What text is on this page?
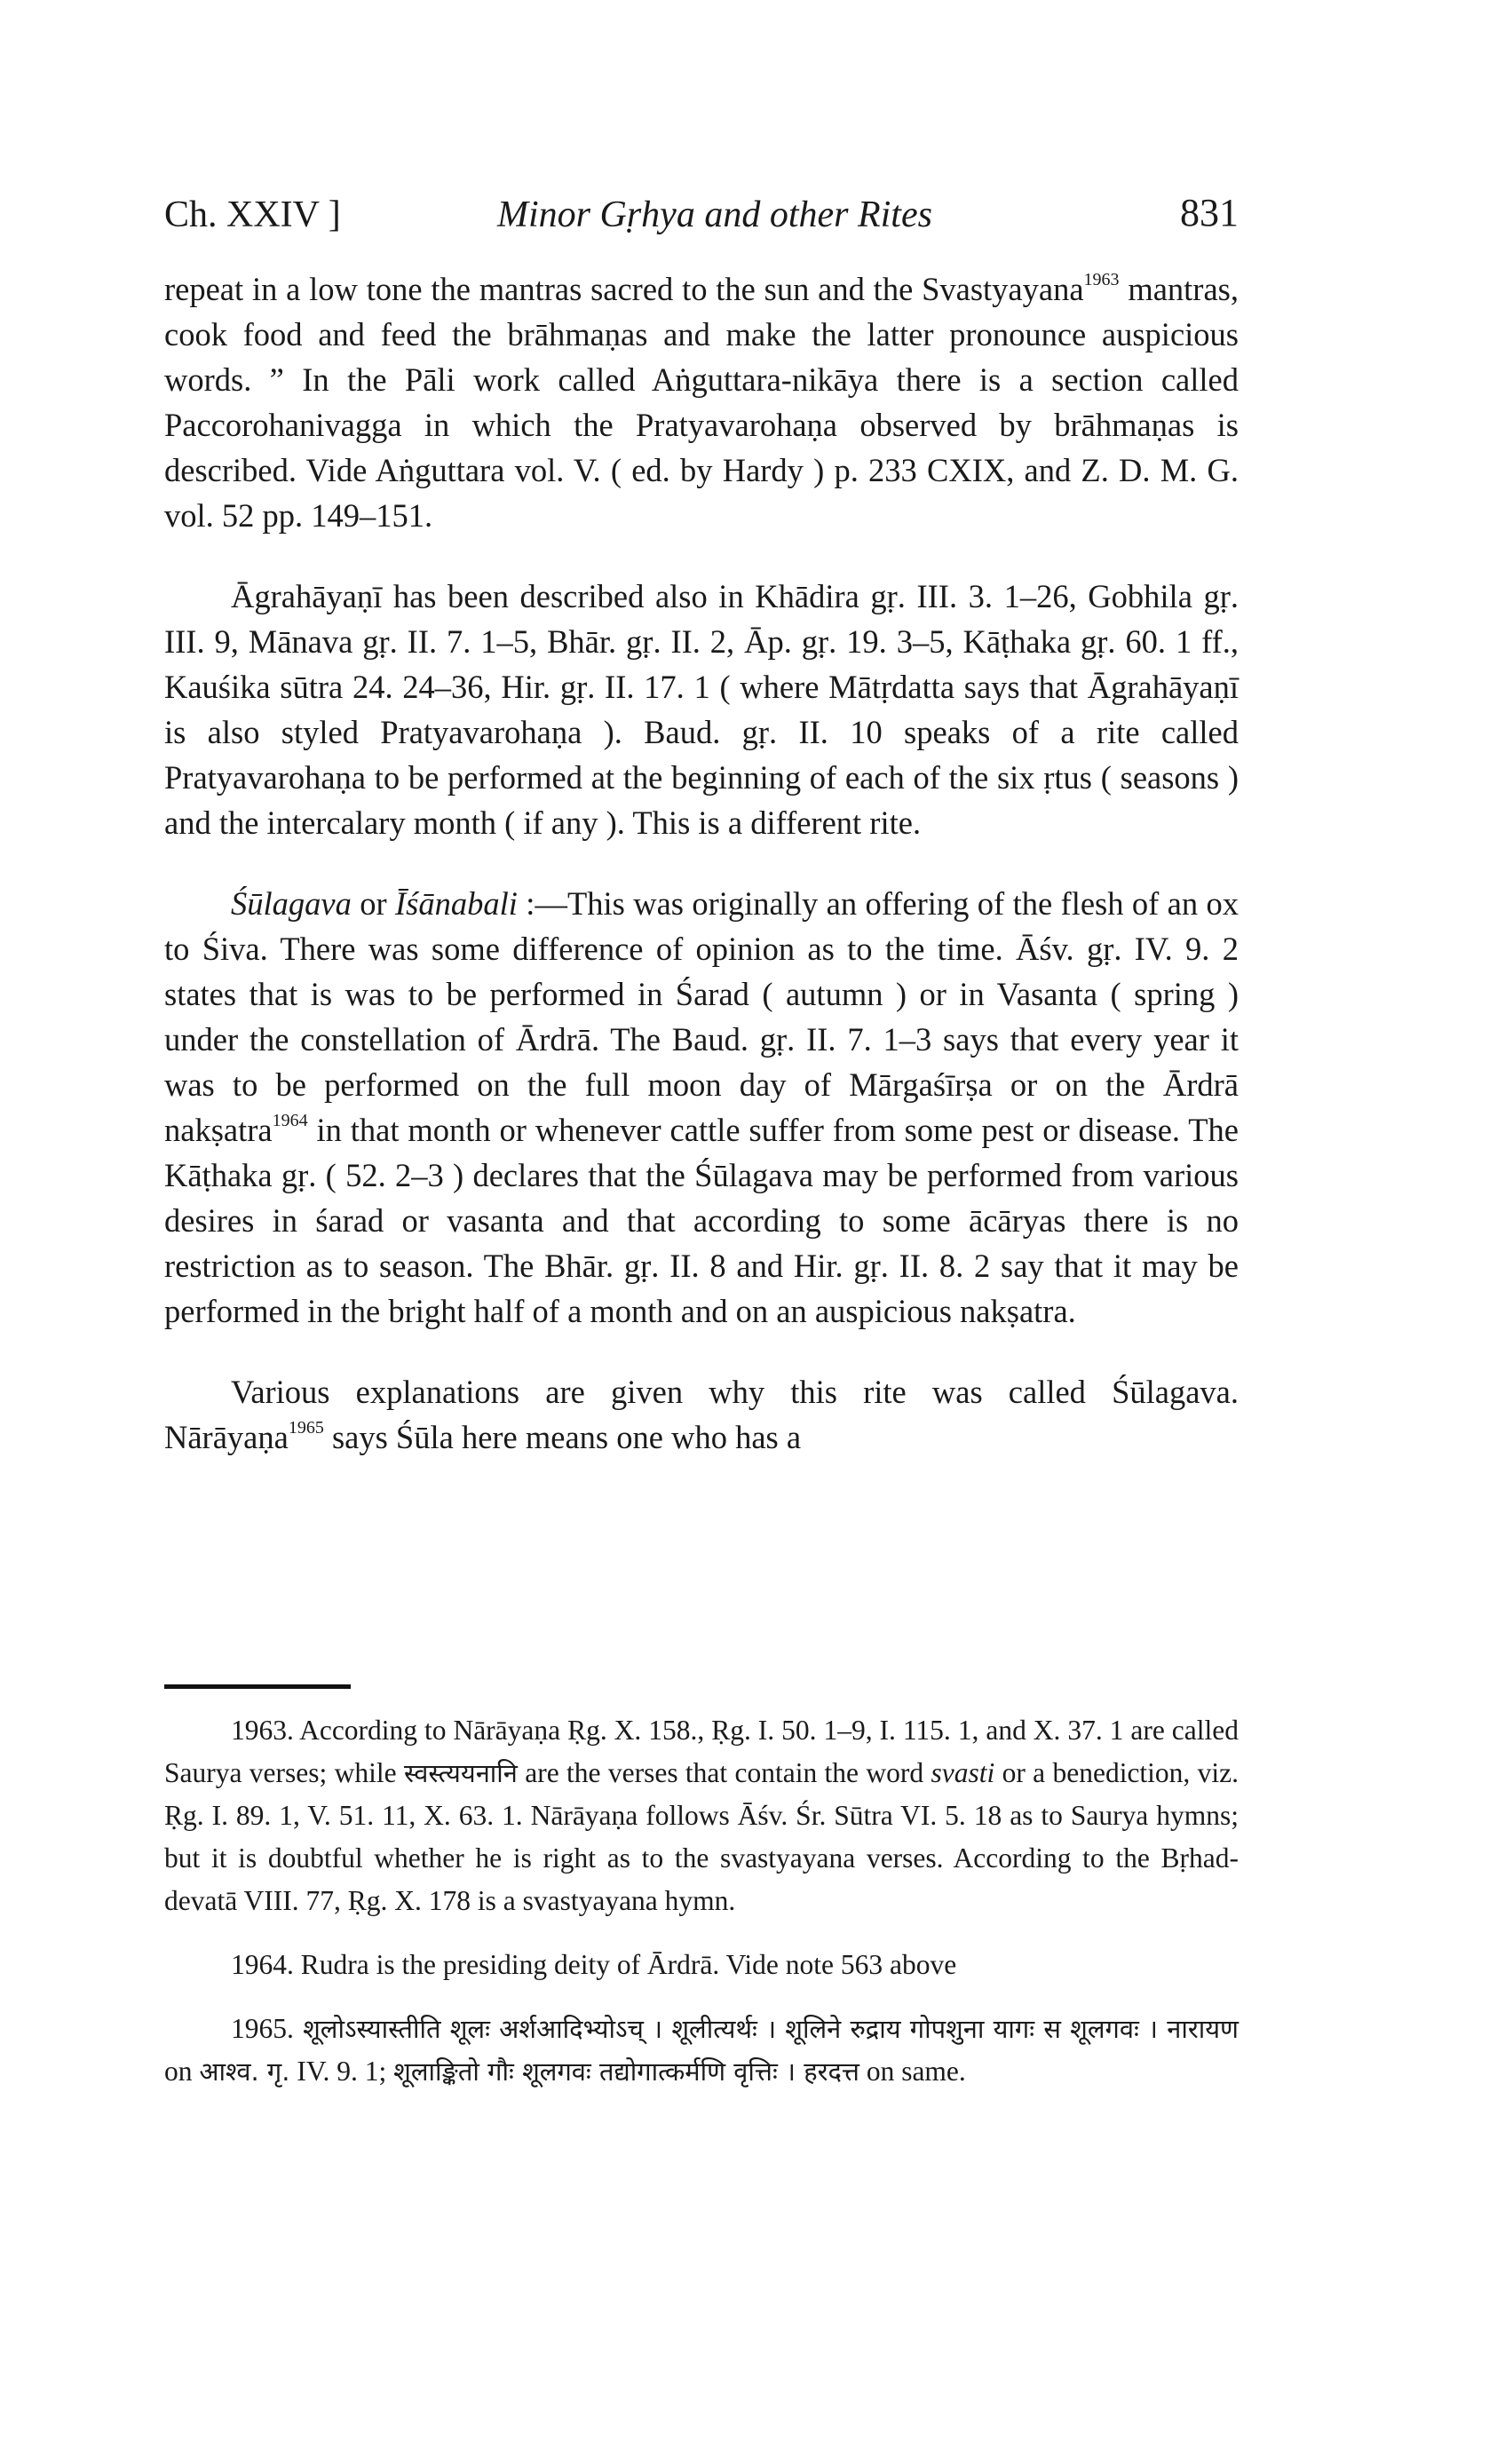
Ch. XXIV ]	Minor Gṛhya and other Rites	831

repeat in a low tone the mantras sacred to the sun and the Svastyayana$^{1963}$ mantras, cook food and feed the brāhmaṇas and make the latter pronounce auspicious words. ” In the Pāli work called Aṅguttara-nikāya there is a section called Paccorohanivagga in which the Pratyavarohaṇa observed by brāhmaṇas is described. Vide Aṅguttara vol. V. ( ed. by Hardy ) p. 233 CXIX, and Z. D. M. G. vol. 52 pp. 149–151.

Āgrahāyaṇī has been described also in Khādira gṛ. III. 3. 1–26, Gobhila gṛ. III. 9, Mānava gṛ. II. 7. 1–5, Bhār. gṛ. II. 2, Āp. gṛ. 19. 3–5, Kāṭhaka gṛ. 60. 1 ff., Kauśika sūtra 24. 24–36, Hir. gṛ. II. 17. 1 ( where Mātṛdatta says that Āgrahāyaṇī is also styled Pratyavarohaṇa ). Baud. gṛ. II. 10 speaks of a rite called Pratyavarohaṇa to be performed at the beginning of each of the six ṛtus ( seasons ) and the intercalary month ( if any ). This is a different rite.

Śūlagava or Īśānabali :—This was originally an offering of the flesh of an ox to Śiva. There was some difference of opinion as to the time. Āśv. gṛ. IV. 9. 2 states that is was to be performed in Śarad ( autumn ) or in Vasanta ( spring ) under the constellation of Ārdrā. The Baud. gṛ. II. 7. 1–3 says that every year it was to be performed on the full moon day of Mārgaśīrṣa or on the Ārdrā nakṣatra$^{1964}$ in that month or whenever cattle suffer from some pest or disease. The Kāṭhaka gṛ. ( 52. 2–3 ) declares that the Śūlagava may be performed from various desires in śarad or vasanta and that according to some ācāryas there is no restriction as to season. The Bhār. gṛ. II. 8 and Hir. gṛ. II. 8. 2 say that it may be performed in the bright half of a month and on an auspicious nakṣatra.

Various explanations are given why this rite was called Śūlagava. Nārāyaṇa$^{1965}$ says Śūla here means one who has a

1963. According to Nārāyaṇa Ṛg. X. 158., Ṛg. I. 50. 1–9, I. 115. 1, and X. 37. 1 are called Saurya verses; while स्वस्त्ययनानि are the verses that contain the word svasti or a benediction, viz. Ṛg. I. 89. 1, V. 51. 11, X. 63. 1. Nārāyaṇa follows Āśv. Śr. Sūtra VI. 5. 18 as to Saurya hymns; but it is doubtful whether he is right as to the svastyayana verses. According to the Bṛhad-devatā VIII. 77, Ṛg. X. 178 is a svastyayana hymn.

1964. Rudra is the presiding deity of Ārdrā. Vide note 563 above

1965. शूलोऽस्यास्तीति शूलः अर्शआदिभ्योऽच् । शूलीत्यर्थः । शूलिने रुद्राय गोपशुना यागः स शूलगवः । नारायण on आश्व. गृ. IV. 9. 1; शूलाङ्कितो गौः शूलगवः तद्योगात्कर्मणि वृत्तिः । हरदत्त on same.
